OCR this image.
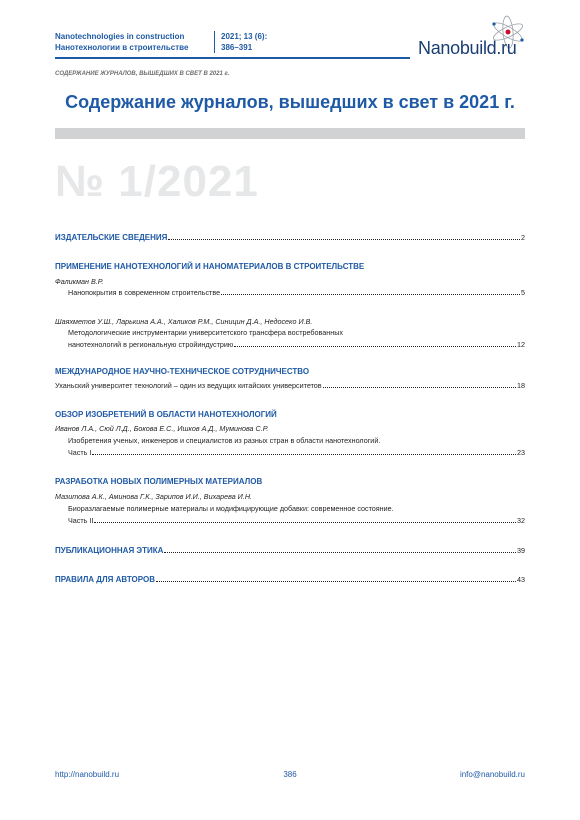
Nanotechnologies in construction
Нанотехнологии в строительстве
2021; 13 (6):
386–391	Nanobuild.ru
СОДЕРЖАНИЕ ЖУРНАЛОВ, ВЫШЕДШИХ В СВЕТ В 2021 г.
Содержание журналов, вышедших в свет в 2021 г.
№ 1/2021
ИЗДАТЕЛЬСКИЕ СВЕДЕНИЯ	2
ПРИМЕНЕНИЕ НАНОТЕХНОЛОГИЙ И НАНОМАТЕРИАЛОВ В СТРОИТЕЛЬСТВЕ
Фаликман В.Р.
Нанопокрытия в современном строительстве	5
Шаяхметов У.Ш., Ларькина А.А., Халиков Р.М., Синицин Д.А., Недосеко И.В.
Методологические инструментарии университетского трансфера востребованных
нанотехнологий в региональную стройиндустрию	12
МЕЖДУНАРОДНОЕ НАУЧНО-ТЕХНИЧЕСКОЕ СОТРУДНИЧЕСТВО
Уханьский университет технологий – один из ведущих китайских университетов	18
ОБЗОР ИЗОБРЕТЕНИЙ В ОБЛАСТИ НАНОТЕХНОЛОГИЙ
Иванов Л.А., Сюй Л.Д., Бокова Е.С., Ишков А.Д., Муминова С.Р.
Изобретения ученых, инженеров и специалистов из разных стран в области нанотехнологий.
Часть I	23
РАЗРАБОТКА НОВЫХ ПОЛИМЕРНЫХ МАТЕРИАЛОВ
Мазитова А.К., Аминова Г.К., Зарипов И.И., Вихарева И.Н.
Биоразлагаемые полимерные материалы и модифицирующие добавки: современное состояние.
Часть II	32
ПУБЛИКАЦИОННАЯ ЭТИКА	39
ПРАВИЛА ДЛЯ АВТОРОВ	43
http://nanobuild.ru	386	info@nanobuild.ru
